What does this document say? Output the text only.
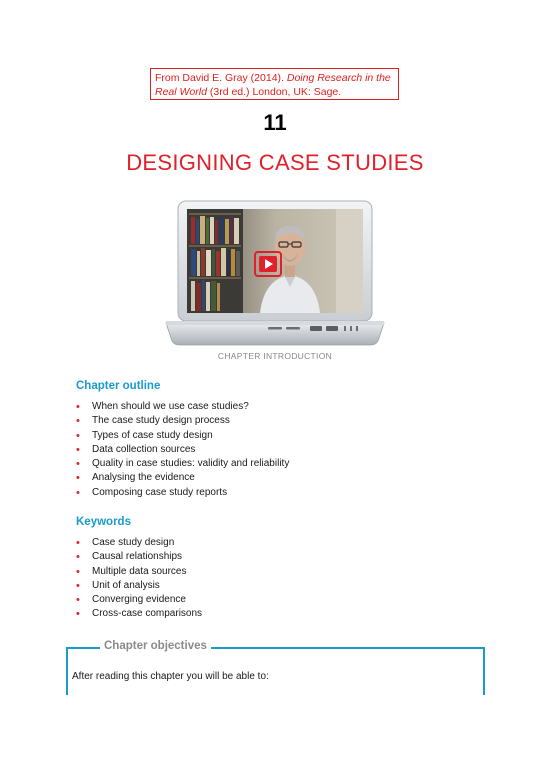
From David E. Gray (2014). Doing Research in the
Real World (3rd ed.) London, UK: Sage.
11
DESIGNING CASE STUDIES
CHAPTER INTRODUCTION
Chapter outline
• When should we use case studies?
• The case study design process
• Types of case study design
• Data collection sources
• Quality in case studies: validity and reliability
• Analysing the evidence
• Composing case study reports
Keywords
• Case study design
• Causal relationships
• Multiple data sources
• Unit of analysis
• Converging evidence
• Cross-case comparisons
Chapter objectives
After reading this chapter you will be able to:
